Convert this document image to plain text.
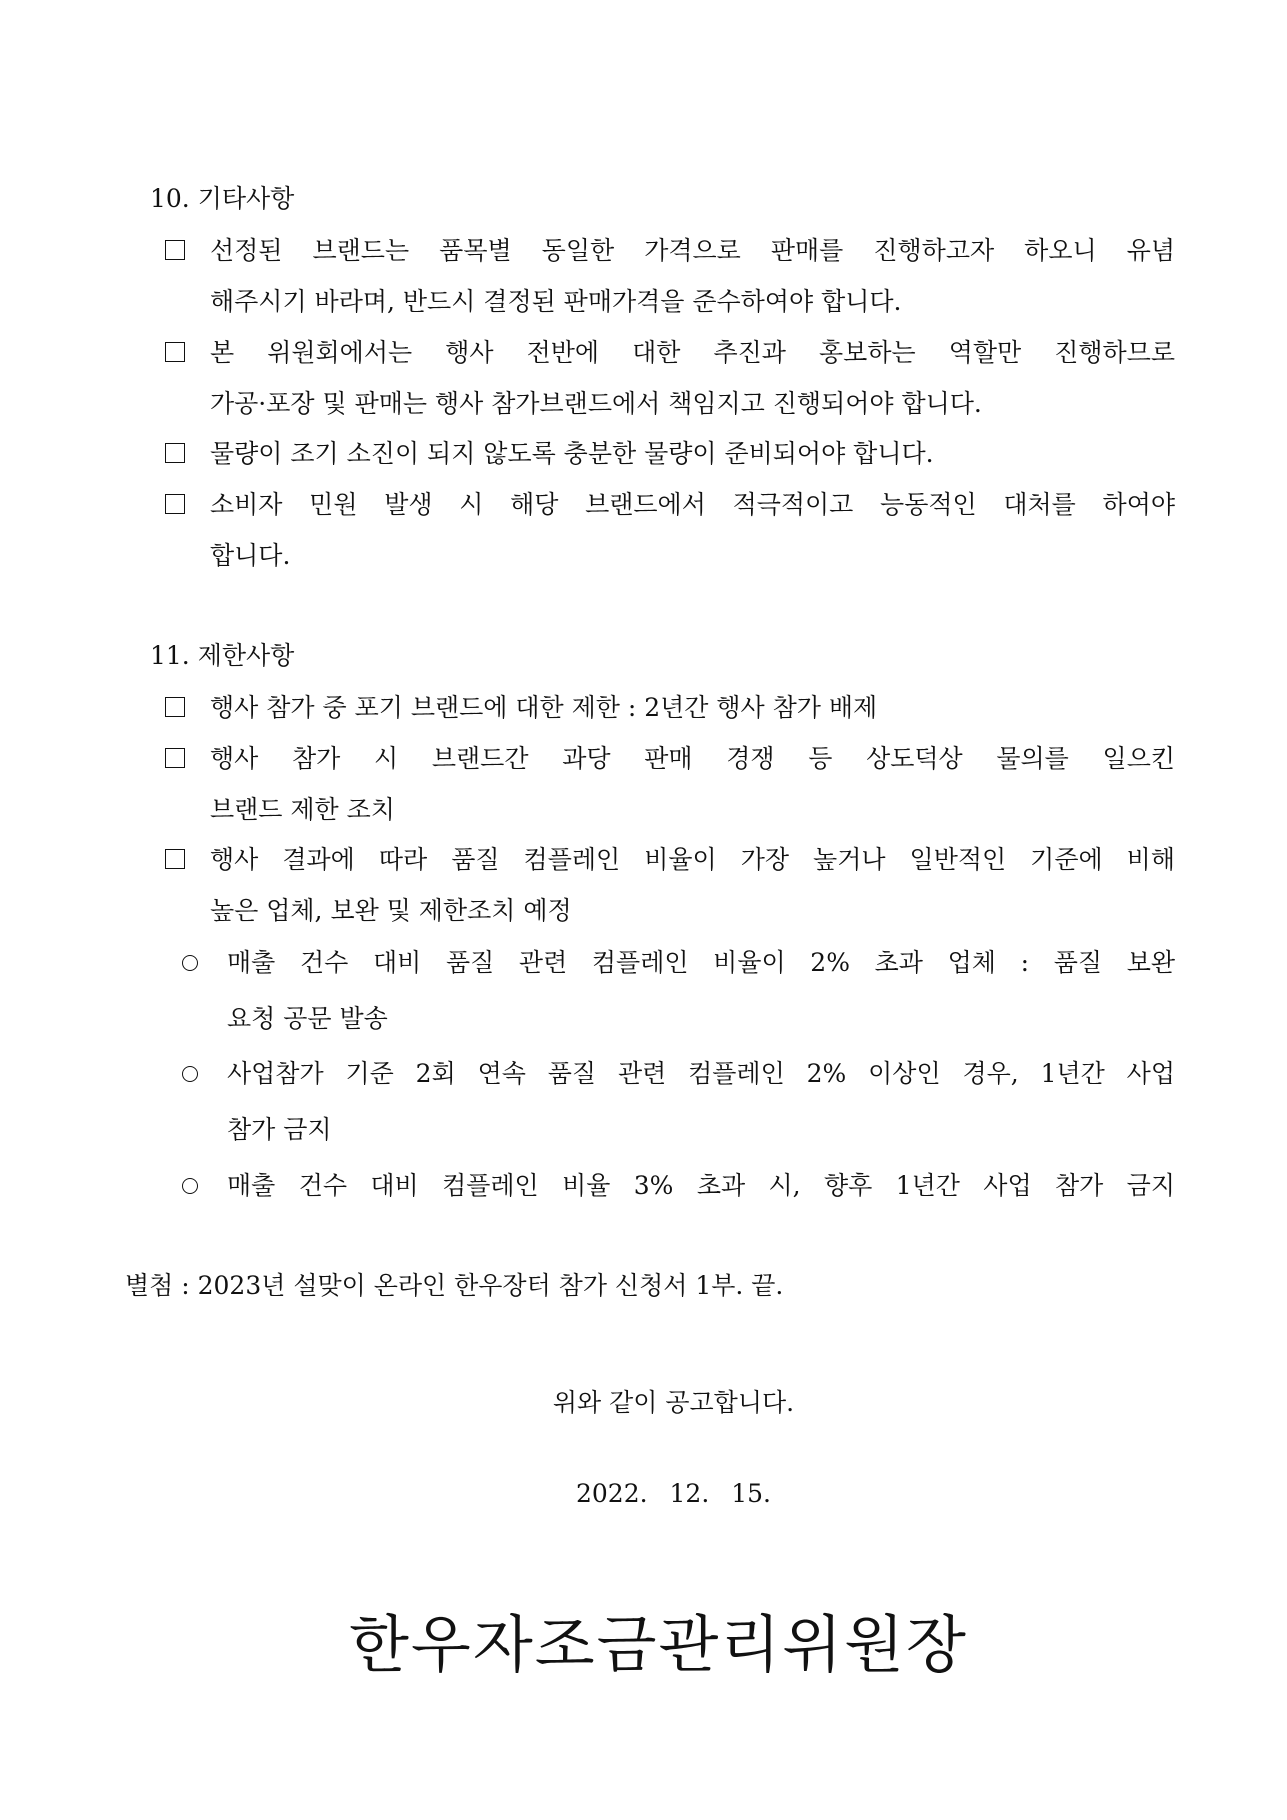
10. 기타사항
선정된 브랜드는 품목별 동일한 가격으로 판매를 진행하고자 하오니 유념
해주시기 바라며, 반드시 결정된 판매가격을 준수하여야 합니다.
본 위원회에서는 행사 전반에 대한 추진과 홍보하는 역할만 진행하므로
가공·포장 및 판매는 행사 참가브랜드에서 책임지고 진행되어야 합니다.
물량이 조기 소진이 되지 않도록 충분한 물량이 준비되어야 합니다.
소비자 민원 발생 시 해당 브랜드에서 적극적이고 능동적인 대처를 하여야
합니다.
11. 제한사항
행사 참가 중 포기 브랜드에 대한 제한 : 2년간 행사 참가 배제
행사 참가 시 브랜드간 과당 판매 경쟁 등 상도덕상 물의를 일으킨
브랜드 제한 조치
행사 결과에 따라 품질 컴플레인 비율이 가장 높거나 일반적인 기준에 비해
높은 업체, 보완 및 제한조치 예정
매출 건수 대비 품질 관련 컴플레인 비율이 2% 초과 업체 : 품질 보완
요청 공문 발송
사업참가 기준 2회 연속 품질 관련 컴플레인 2% 이상인 경우, 1년간 사업
참가 금지
매출 건수 대비 컴플레인 비율 3% 초과 시, 향후 1년간 사업 참가 금지
별첨 : 2023년 설맞이 온라인 한우장터 참가 신청서 1부. 끝.
위와 같이 공고합니다.
2022. 12. 15.
한우자조금관리위원장
